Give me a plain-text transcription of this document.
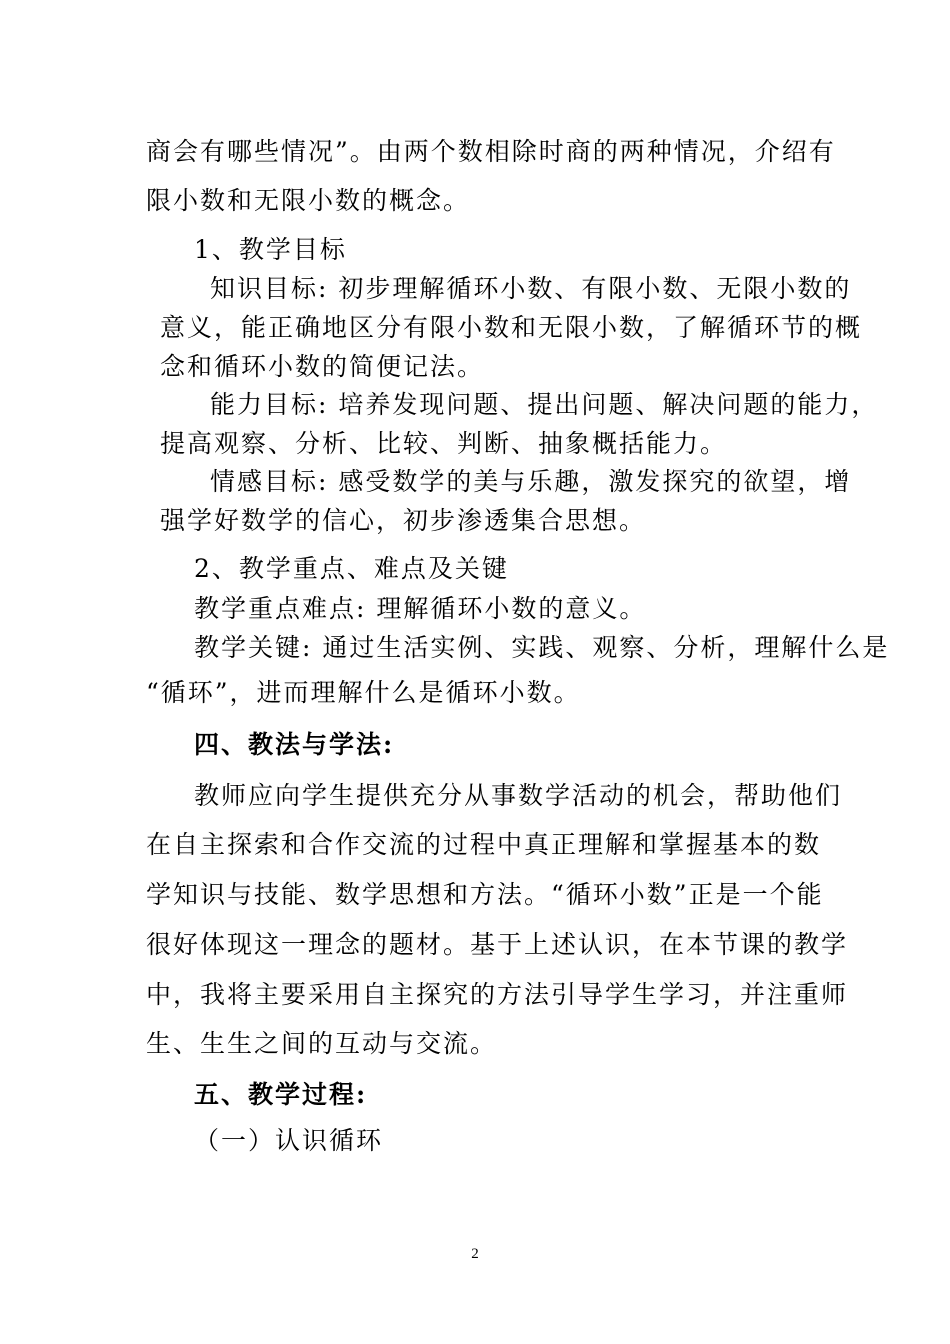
商会有哪些情况”。由两个数相除时商的两种情况，介绍有
限小数和无限小数的概念。
1、教学目标
知识目标: 初步理解循环小数、有限小数、无限小数的
意义，能正确地区分有限小数和无限小数，了解循环节的概
念和循环小数的简便记法。
能力目标: 培养发现问题、提出问题、解决问题的能力，
提高观察、分析、比较、判断、抽象概括能力。
情感目标: 感受数学的美与乐趣，激发探究的欲望，增
强学好数学的信心，初步渗透集合思想。
2、教学重点、难点及关键
教学重点难点: 理解循环小数的意义。
教学关键: 通过生活实例、实践、观察、分析，理解什么是
“循环”，进而理解什么是循环小数。
四、教法与学法:
教师应向学生提供充分从事数学活动的机会，帮助他们
在自主探索和合作交流的过程中真正理解和掌握基本的数
学知识与技能、数学思想和方法。“循环小数”正是一个能
很好体现这一理念的题材。基于上述认识，在本节课的教学
中，我将主要采用自主探究的方法引导学生学习，并注重师
生、生生之间的互动与交流。
五、教学过程:
（一）认识循环
2
